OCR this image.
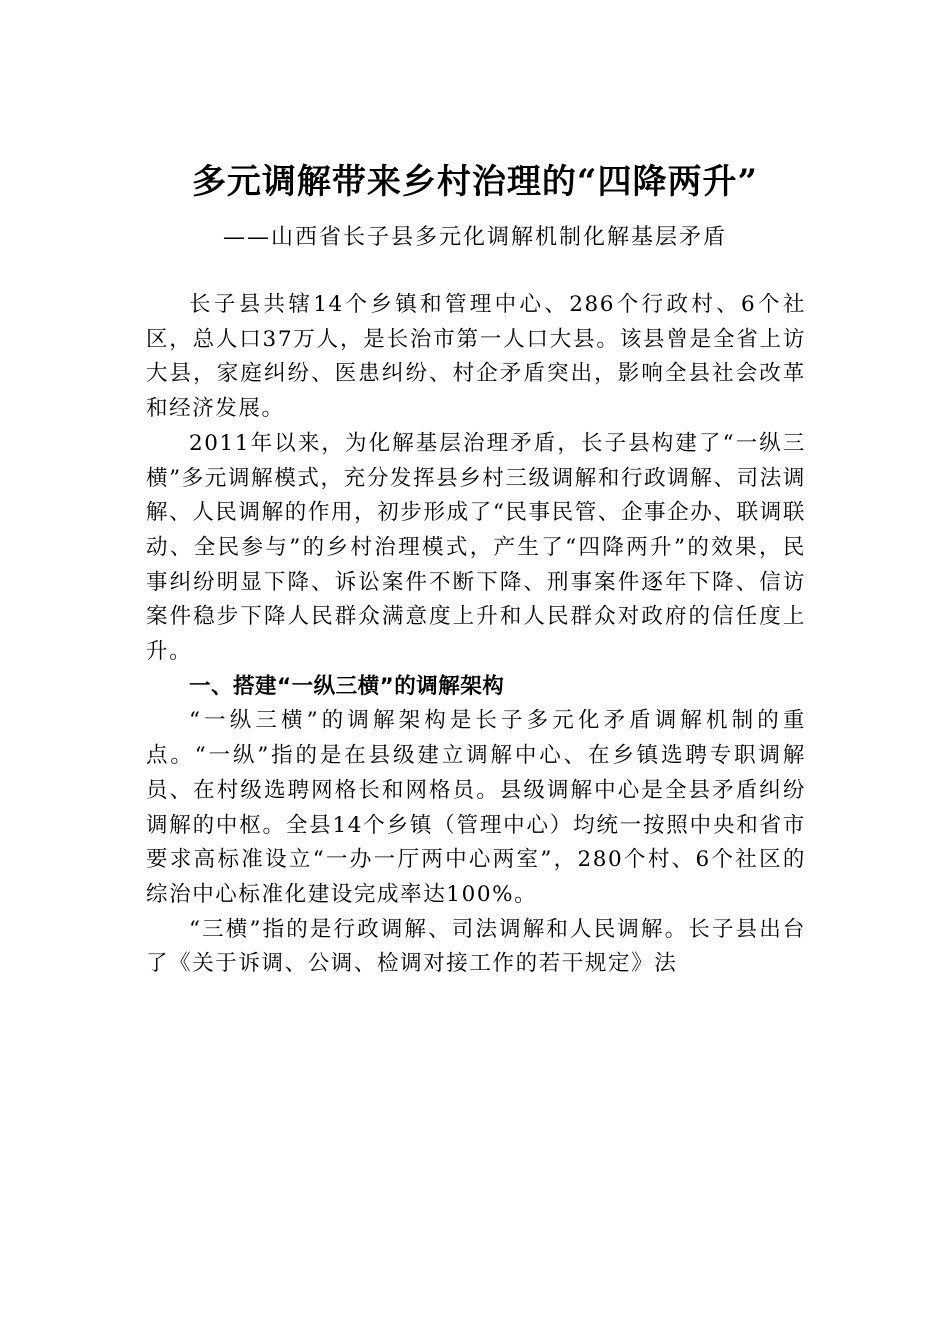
多元调解带来乡村治理的“四降两升”
——山西省长子县多元化调解机制化解基层矛盾

长子县共辖14个乡镇和管理中心、286个行政村、6个社区，总人口37万人，是长治市第一人口大县。该县曾是全省上访大县，家庭纠纷、医患纠纷、村企矛盾突出，影响全县社会改革和经济发展。

2011年以来，为化解基层治理矛盾，长子县构建了“一纵三横”多元调解模式，充分发挥县乡村三级调解和行政调解、司法调解、人民调解的作用，初步形成了“民事民管、企事企办、联调联动、全民参与”的乡村治理模式，产生了“四降两升”的效果，民事纠纷明显下降、诉讼案件不断下降、刑事案件逐年下降、信访案件稳步下降人民群众满意度上升和人民群众对政府的信任度上升。

一、搭建“一纵三横”的调解架构

“一纵三横”的调解架构是长子多元化矛盾调解机制的重点。“一纵”指的是在县级建立调解中心、在乡镇选聘专职调解员、在村级选聘网格长和网格员。县级调解中心是全县矛盾纠纷调解的中枢。全县14个乡镇（管理中心）均统一按照中央和省市要求高标准设立“一办一厅两中心两室”，280个村、6个社区的综治中心标准化建设完成率达100%。

“三横”指的是行政调解、司法调解和人民调解。长子县出台了《关于诉调、公调、检调对接工作的若干规定》法
